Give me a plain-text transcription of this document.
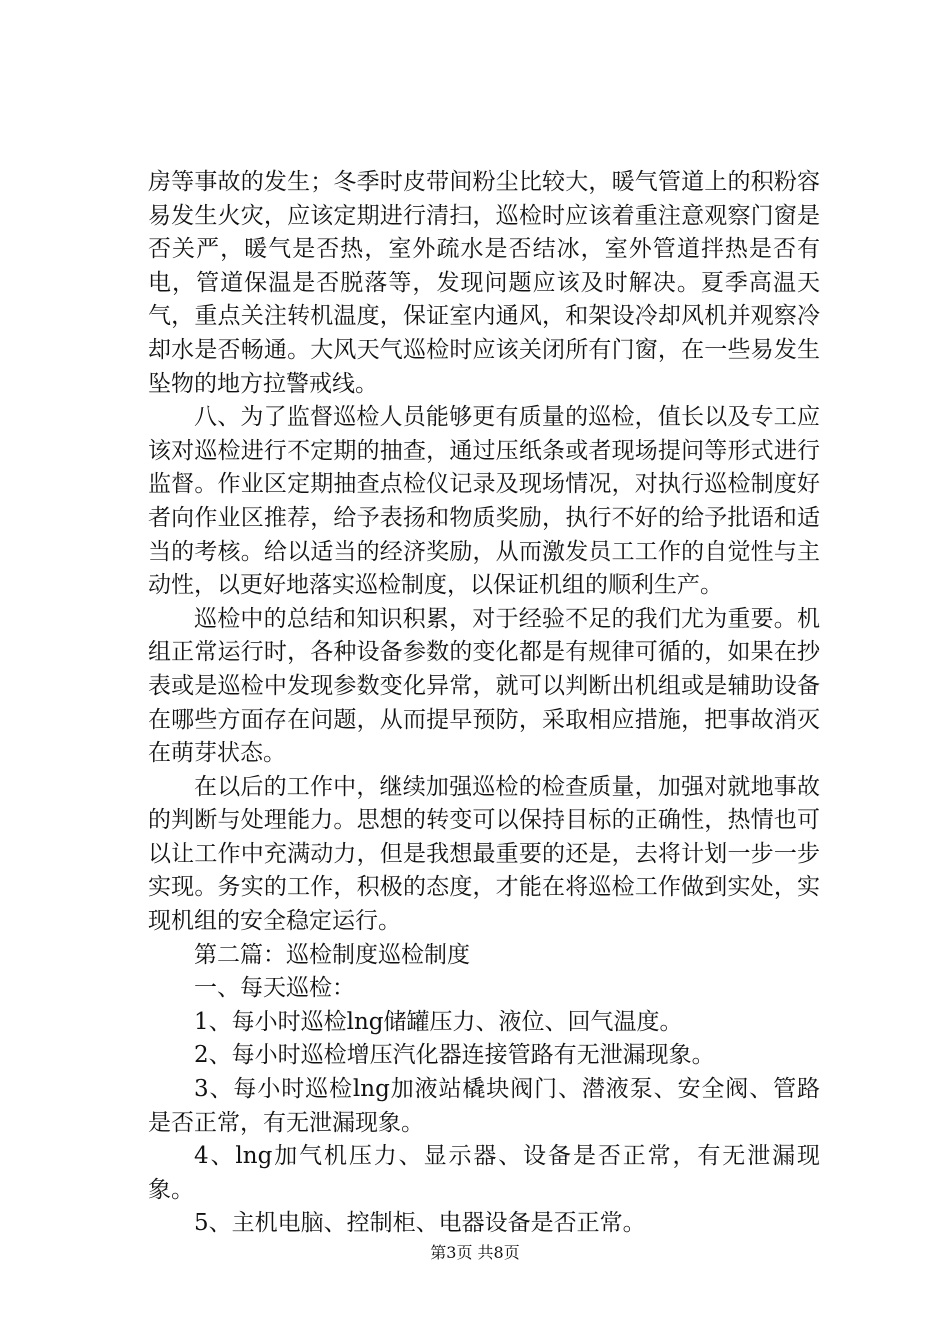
房等事故的发生；冬季时皮带间粉尘比较大，暖气管道上的积粉容易发生火灾，应该定期进行清扫，巡检时应该着重注意观察门窗是否关严，暖气是否热，室外疏水是否结冰，室外管道拌热是否有电，管道保温是否脱落等，发现问题应该及时解决。夏季高温天气，重点关注转机温度，保证室内通风，和架设冷却风机并观察冷却水是否畅通。大风天气巡检时应该关闭所有门窗，在一些易发生坠物的地方拉警戒线。

八、为了监督巡检人员能够更有质量的巡检，值长以及专工应该对巡检进行不定期的抽查，通过压纸条或者现场提问等形式进行监督。作业区定期抽查点检仪记录及现场情况，对执行巡检制度好者向作业区推荐，给予表扬和物质奖励，执行不好的给予批语和适当的考核。给以适当的经济奖励，从而激发员工工作的自觉性与主动性，以更好地落实巡检制度，以保证机组的顺利生产。

巡检中的总结和知识积累，对于经验不足的我们尤为重要。机组正常运行时，各种设备参数的变化都是有规律可循的，如果在抄表或是巡检中发现参数变化异常，就可以判断出机组或是辅助设备在哪些方面存在问题，从而提早预防，采取相应措施，把事故消灭在萌芽状态。

在以后的工作中，继续加强巡检的检查质量，加强对就地事故的判断与处理能力。思想的转变可以保持目标的正确性，热情也可以让工作中充满动力，但是我想最重要的还是，去将计划一步一步实现。务实的工作，积极的态度，才能在将巡检工作做到实处，实现机组的安全稳定运行。

第二篇：巡检制度巡检制度

一、每天巡检：

1、每小时巡检lng储罐压力、液位、回气温度。

2、每小时巡检增压汽化器连接管路有无泄漏现象。

3、每小时巡检lng加液站橇块阀门、潜液泵、安全阀、管路是否正常，有无泄漏现象。

4、lng加气机压力、显示器、设备是否正常，有无泄漏现象。

5、主机电脑、控制柜、电器设备是否正常。

第3页 共8页
